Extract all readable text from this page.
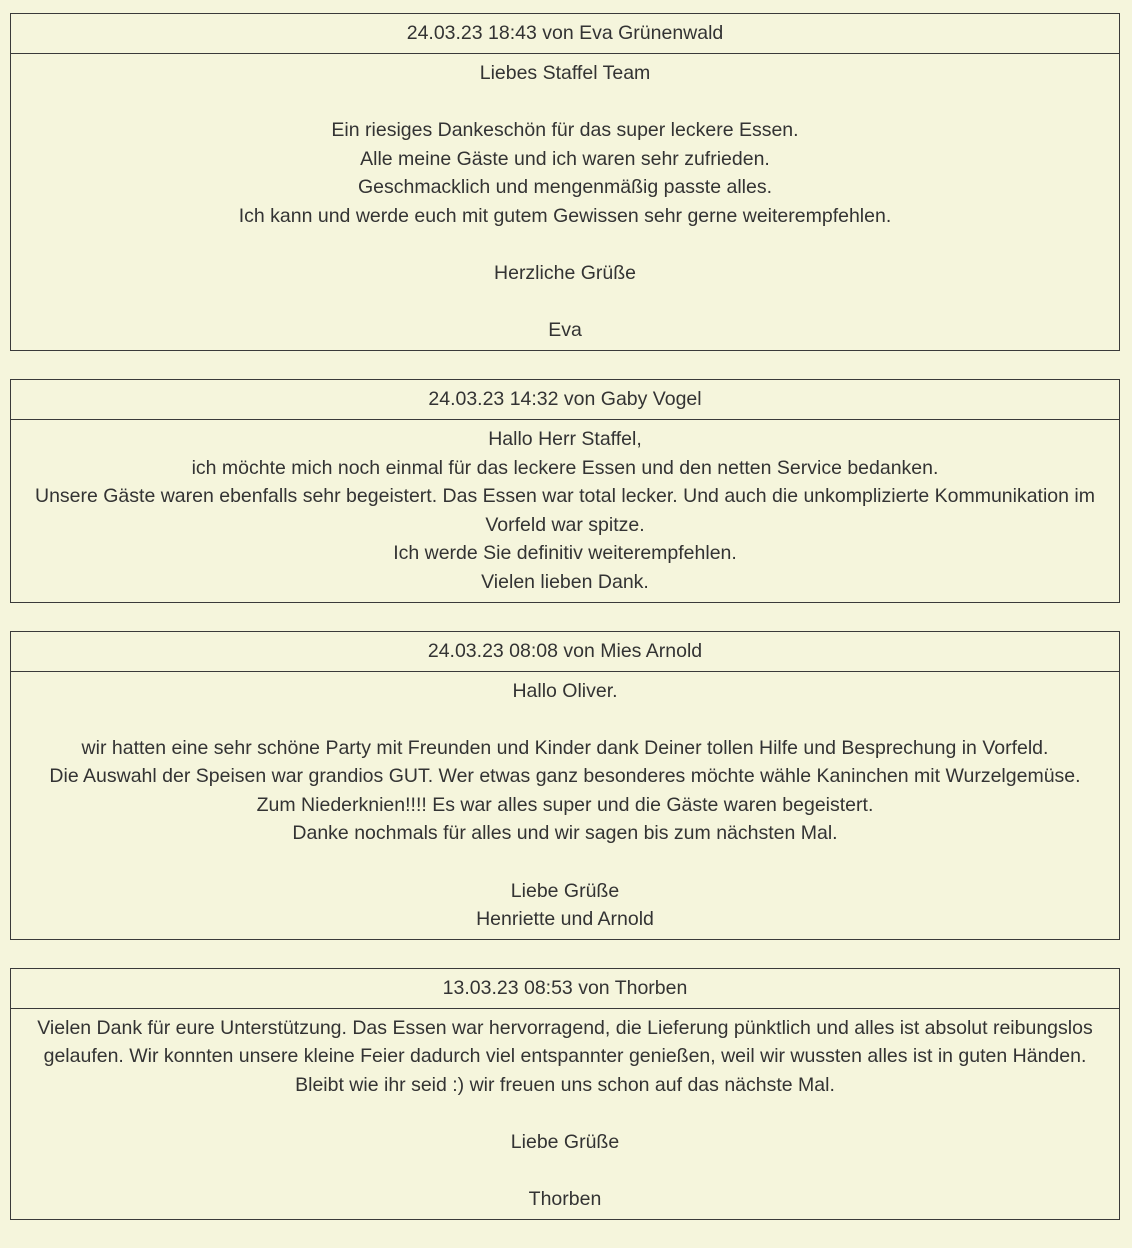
24.03.23 18:43 von Eva Grünenwald
Liebes Staffel Team

Ein riesiges Dankeschön für das super leckere Essen.
Alle meine Gäste und ich waren sehr zufrieden.
Geschmacklich und mengenmäßig passte alles.
Ich kann und werde euch mit gutem Gewissen sehr gerne weiterempfehlen.

Herzliche Grüße

Eva
24.03.23 14:32 von Gaby Vogel
Hallo Herr Staffel,
ich möchte mich noch einmal für das leckere Essen und den netten Service bedanken.
Unsere Gäste waren ebenfalls sehr begeistert. Das Essen war total lecker. Und auch die unkomplizierte Kommunikation im Vorfeld war spitze.
Ich werde Sie definitiv weiterempfehlen.
Vielen lieben Dank.
24.03.23 08:08 von Mies Arnold
Hallo Oliver.

wir hatten eine sehr schöne Party mit Freunden und Kinder dank Deiner tollen Hilfe und Besprechung in Vorfeld.
Die Auswahl der Speisen war grandios GUT. Wer etwas ganz besonderes möchte wähle Kaninchen mit Wurzelgemüse.
Zum Niederknien!!!! Es war alles super und die Gäste waren begeistert.
Danke nochmals für alles und wir sagen bis zum nächsten Mal.

Liebe Grüße
Henriette und Arnold
13.03.23 08:53 von Thorben
Vielen Dank für eure Unterstützung. Das Essen war hervorragend, die Lieferung pünktlich und alles ist absolut reibungslos gelaufen. Wir konnten unsere kleine Feier dadurch viel entspannter genießen, weil wir wussten alles ist in guten Händen.
Bleibt wie ihr seid :) wir freuen uns schon auf das nächste Mal.

Liebe Grüße

Thorben
